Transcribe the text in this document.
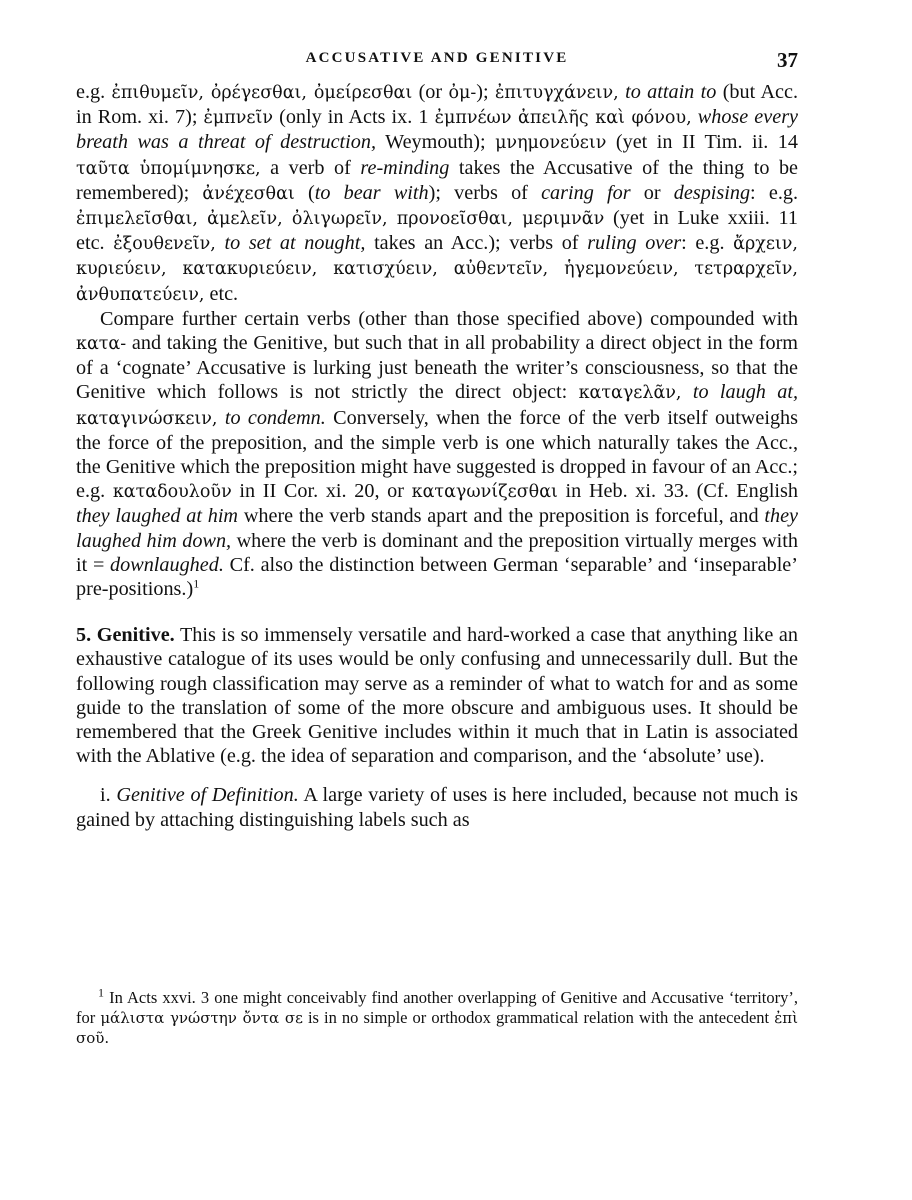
ACCUSATIVE AND GENITIVE	37

e.g. ἐπιθυμεῖν, ὀρέγεσθαι, ὀμείρεσθαι (or ὀμ-); ἐπιτυγχάνειν, to attain to (but Acc. in Rom. xi. 7); ἐμπνεῖν (only in Acts ix. 1 ἐμπνέων ἀπειλῆς καὶ φόνου, whose every breath was a threat of destruction, Weymouth); μνημονεύειν (yet in II Tim. ii. 14 ταῦτα ὑπομίμνησκε, a verb of re-minding takes the Accusative of the thing to be remembered); ἀνέχεσθαι (to bear with); verbs of caring for or despising: e.g. ἐπιμελεῖσθαι, ἀμελεῖν, ὀλιγωρεῖν, προνοεῖσθαι, μεριμνᾶν (yet in Luke xxiii. 11 etc. ἐξουθενεῖν, to set at nought, takes an Acc.); verbs of ruling over: e.g. ἄρχειν, κυριεύειν, κατακυριεύειν, κατισχύειν, αὐθεντεῖν, ἡγεμονεύειν, τετραρχεῖν, ἀνθυπατεύειν, etc.

Compare further certain verbs (other than those specified above) compounded with κατα- and taking the Genitive, but such that in all probability a direct object in the form of a ‘cognate’ Accusative is lurking just beneath the writer’s consciousness, so that the Genitive which follows is not strictly the direct object: καταγελᾶν, to laugh at, καταγινώσκειν, to condemn. Conversely, when the force of the verb itself outweighs the force of the preposition, and the simple verb is one which naturally takes the Acc., the Genitive which the preposition might have suggested is dropped in favour of an Acc.; e.g. καταδουλοῦν in II Cor. xi. 20, or καταγωνίζεσθαι in Heb. xi. 33. (Cf. English they laughed at him where the verb stands apart and the preposition is forceful, and they laughed him down, where the verb is dominant and the preposition virtually merges with it = downlaughed. Cf. also the distinction between German ‘separable’ and ‘inseparable’ pre-positions.)$^1$

5. Genitive. This is so immensely versatile and hard-worked a case that anything like an exhaustive catalogue of its uses would be only confusing and unnecessarily dull. But the following rough classification may serve as a reminder of what to watch for and as some guide to the translation of some of the more obscure and ambiguous uses. It should be remembered that the Greek Genitive includes within it much that in Latin is associated with the Ablative (e.g. the idea of separation and comparison, and the ‘absolute’ use).

i. Genitive of Definition. A large variety of uses is here included, because not much is gained by attaching distinguishing labels such as

$^1$ In Acts xxvi. 3 one might conceivably find another overlapping of Genitive and Accusative ‘territory’, for μάλιστα γνώστην ὄντα σε is in no simple or orthodox grammatical relation with the antecedent ἐπὶ σοῦ.
